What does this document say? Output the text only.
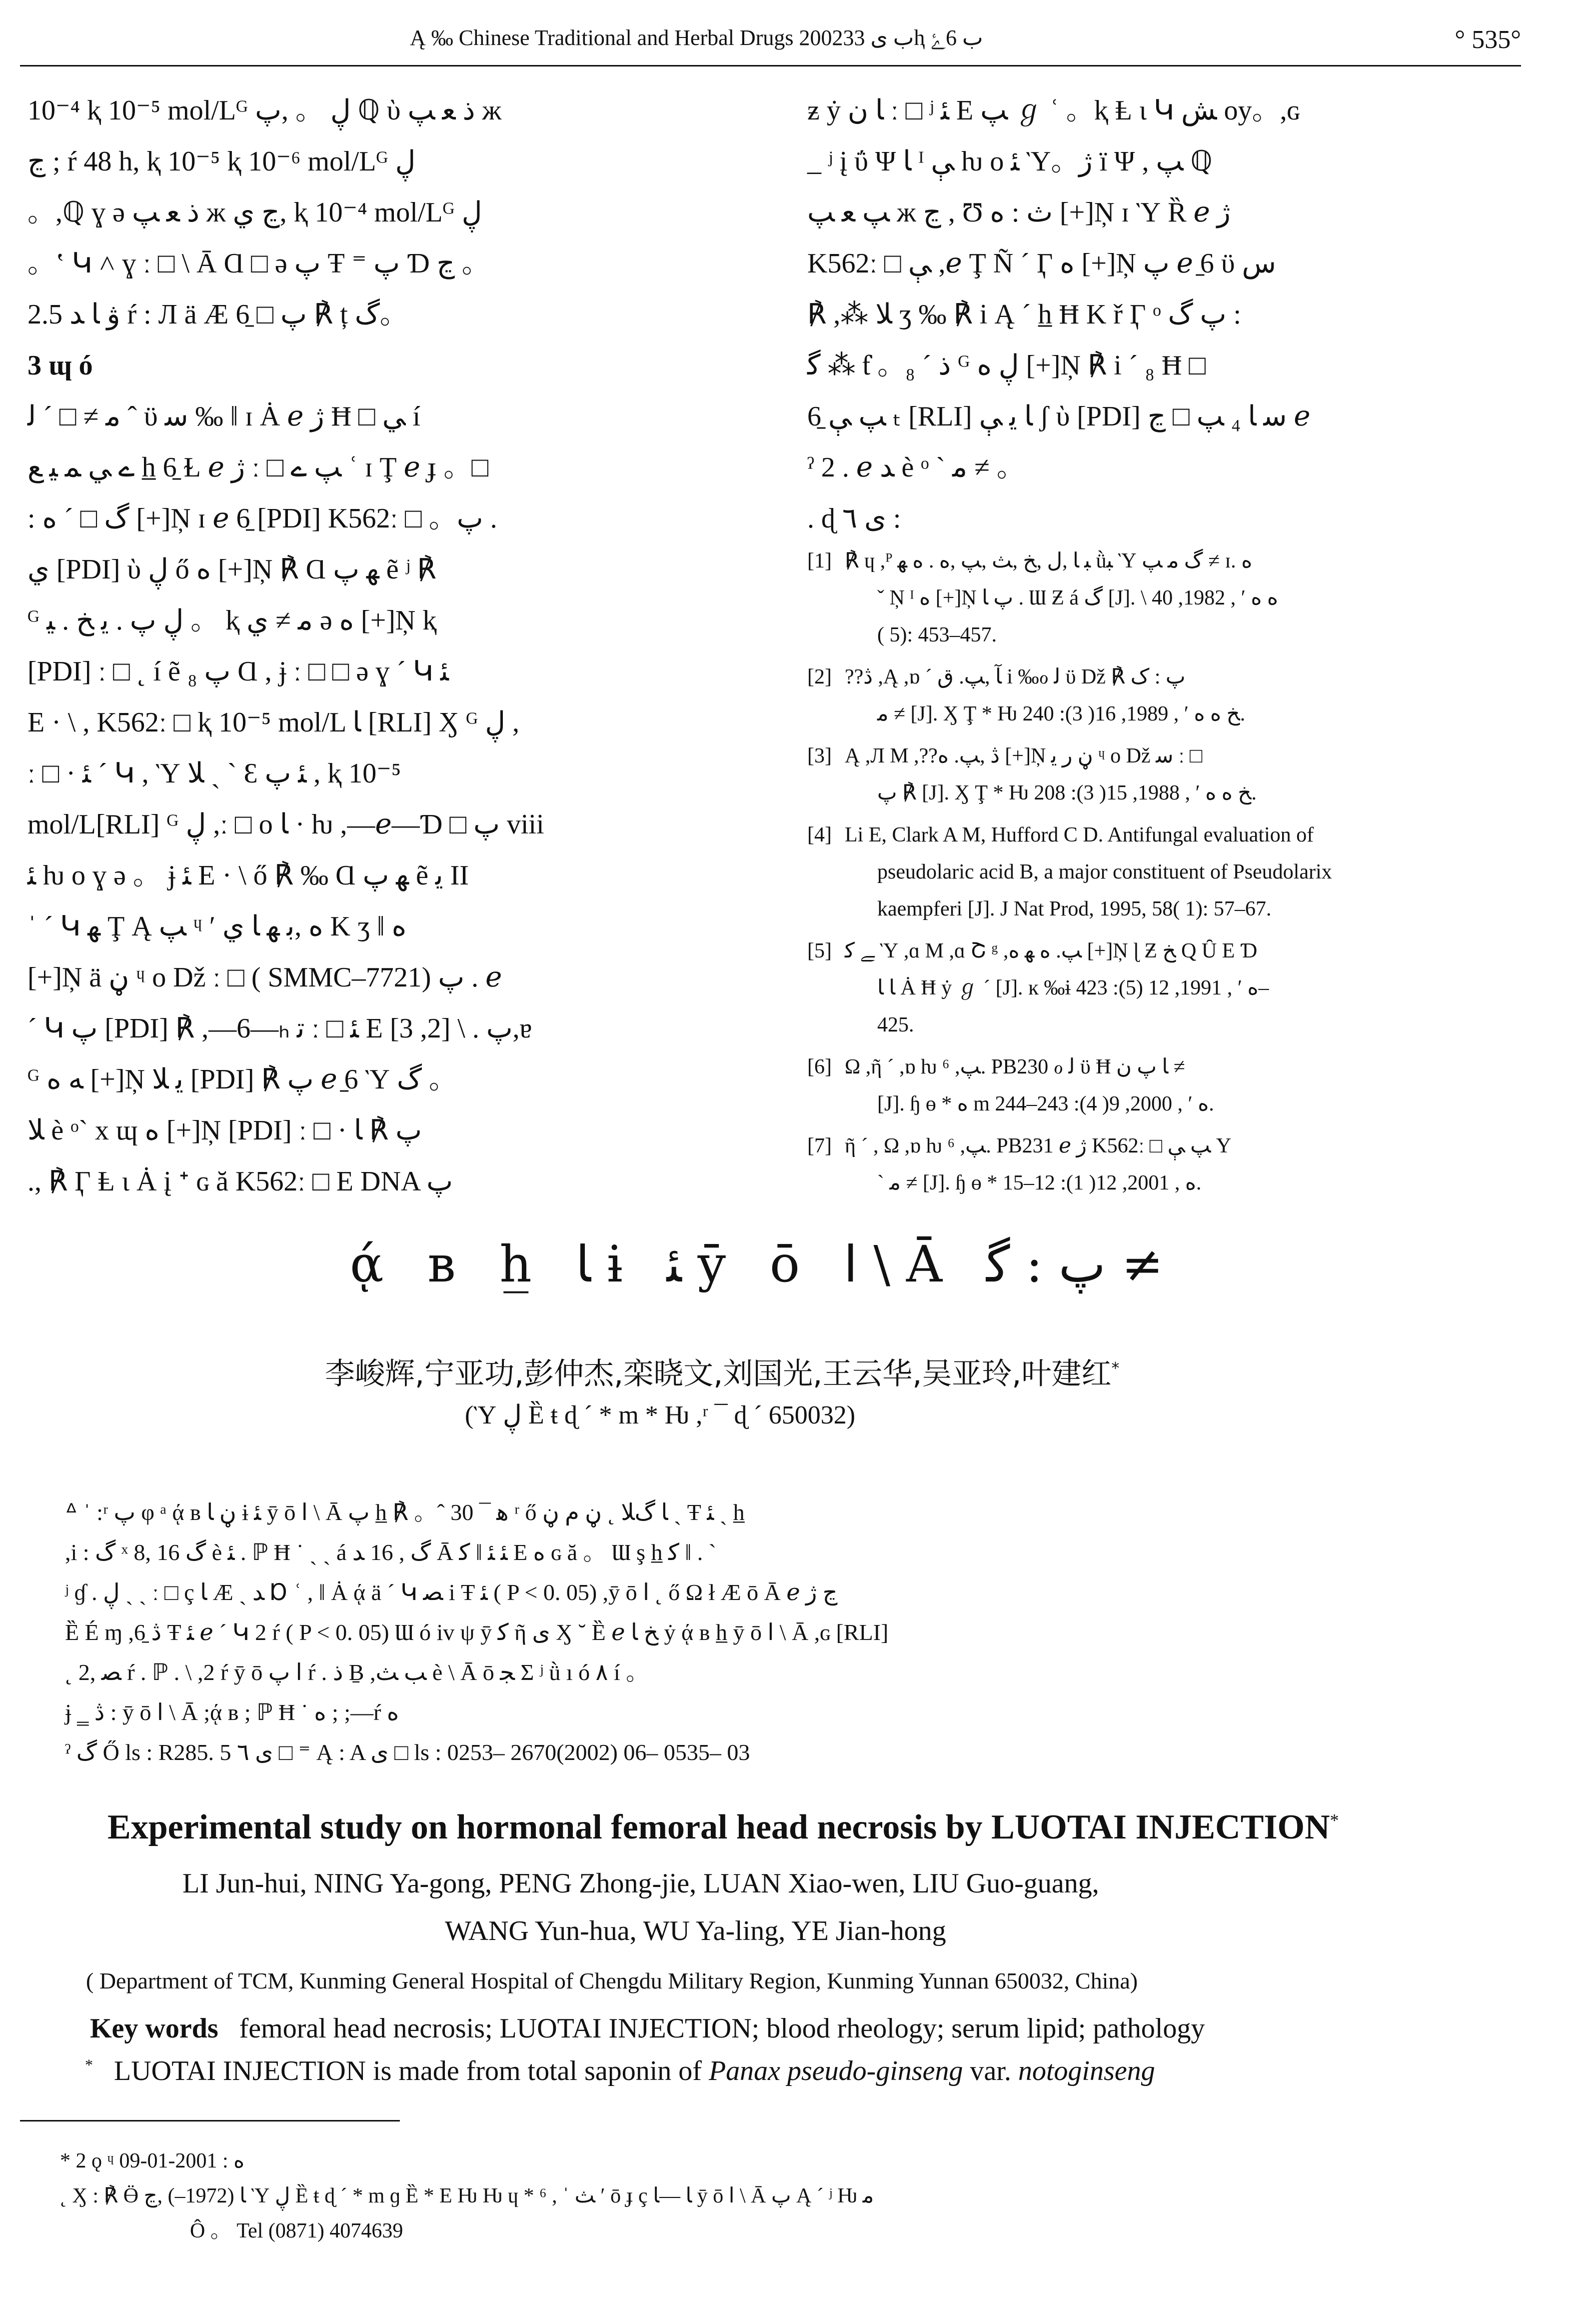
Ą ‰ Chinese Traditional and Herbal Drugs 2002ب ی 33ⱨ ب 6ﮰ	° 535°

10⁻⁴ ⱪ 10⁻⁵ mol/Lᴳ ڸ 。 ,پ ℚ ὺ ذ ﻌ ﭗ ж

ڃ ; ŕ 48 h, ⱪ 10⁻⁵ ⱪ 10⁻⁶ mol/Lᴳ ڸ

。,ℚ ɣ ə ذ ﻌ ﭗ ж ڃ ي, ⱪ 10⁻⁴ mol/Lᴳ ڸ

。ʽ Կ ˄ ɣ ː □ \ Ā Ɑ □ ə پ Ŧ ⁼ پ Ɗ ڃ 。

2.5 ۋ ﺎ ﺪ ŕ : Л ä Æ پ □ 6̱ ℟ ț گ。

3 ɰ ó

ﻣ ≠ □ ´ ﻟ ˆ ϋ ﺳ ‰ ǁ ɪ Ȧ ℯ ژ Ħ □ ﻲ í

ے ﻲ ﻤ ﻴ ﻊ h̲ 6̱ Ɫ ℯ ژ ː □ ﭗ ے ʿ ɪ Ţ ℯ ɟ 。□

: گ □ ´ ﻩ [+]Ņ ɪ ℯ 6̱ [PDI] K562ː □ 。پ .

ي [PDI] ὺ ڸ ő ﻩ [+]Ņ ℟ Ɑ ﻬ پ ẽ ʲ ℟

ᴳ ڸ پ . ﻳ ﺦ . ﻴ 。 ⱪ ﻣ ≠ ي ə ﻩ [+]Ņ ⱪ

[PDI] ː □ ˛ í ẽ پ ₈ Ɑ , ɉ ː □ □ ə ɣ ´ Կ ﺌ

E · \ , K562ː □ ⱪ 10⁻⁵ mol/L ﺎ [RLI] Ӽ ᴳ ڸ ,

ː □ · ﺌ ´ Կ , Ὺ ﻼ ˎ ˋ Ɛ ﺌ پ , ⱪ 10⁻⁵

mol/L[RLI] ᴳ ڸ ,ː □ o ﺎ · ƕ ,—ℯ—Ɗ □ پ viii

ﺌ ƕ o ɣ ə 。 ɉ ﺌ E · \ ő ℟ ‰ Ɑ ﻬ پ ẽ ﻳ II

ˈ ´ Կ ﻬ Ţ Ą ﭗ ᶣ ʹ ﻩ ,ﺑ ﻬ ﺎ ي K ʒ ǁ ﻩ

[+]Ņ ä ڼ ᶣ o Dž ː □ ( SMMC–7721) پ . ℯ

´ Կ پ [PDI] ℟ ,—6—ₕ ﺗ ː □ ﺌ E پ . \ [2, 3],ɐ

ᴳ ﻪ ﻩ [+]Ņ ﻳ ﻼ [PDI] ℟ پ ℯ 6̱ Ὺ گ 。

ﻼ è ᵒ` x ɰ ﻩ [+]Ņ [PDI] ː □ · پ ℟ ﺎ

., ℟ Ӷ Ⱡ ɩ Ȧ į ᐩ ɢ ă K562ː □ E DNA پ

ƶ ẏ ﺎ ﻥ ː □ ʲ ﺌ E ﭗ ℊ ʿ 。ⱪ Ⱡ ɩ Կ ﺶ oy。,ɢ

_ ʲ į ΰ Ψ ﺎ ᴵ ﯥ ƕ o ﺌ Ὺ。ژ ï Ψ , ﭗ ℚ

ﭗ ﻌ ﭗ ж ڃ , Ʊ ث : ﻩ [+]Ņ ɪ Ὺ Ȑ ℯ ژ

K562ː □ ﯥ ,ℯ Ţ Ñ ´ Ӷ ﻩ [+]Ņ پ ℯ 6̱ ϋ ﺱ

℟ ,⁂ ﻼ ʒ ‰ ℟ i Ą ´ h̲ Ħ K ř Ӷ ᵒ پ گ :

ﮔ ⁂ ƭ 。ذ ´ ₈ ᴳ ڸ ﻩ [+]Ņ ℟ i ´ ₈ Ħ □

ﭗ ﯥ 6̱ ₜ [RLI] ﺎ ﻳ ﯥ ʃ ὺ [PDI] ﺳ ﺎ ₄ ﭗ □ ڃ ℯ

ˀ 2 . ℯ ﺪ è ᵒ ` ﻣ ≠ 。

. ɖ ی ٦ :

[1] ℟ ɥ ,ᴾ ﺒ ﺎ ,ﻝ ,ﺦ ,ﺚ ,ﭗ ,ﻩ . ﻩ ﻬ ǜﺒ Ὺ گ ﻣ ﭗ ≠ ɪ. ﻩ
ˇ Ņ ᴵ ﻩ [+]Ņ پ ﺎ . Ɯ Ƶ á گ [J]. \ ﻩ ﻩ ʹ , 1982, 40
( 5): 453–457.
[2] ??ڎ ,Ą ,ɒ ´ ﺂ ,ﭗ. ﻕ i ‰ℴ ﻟ ϋ Dž ℟ پ : ک
ﻣ ≠ [J]. Ӽ Ţ * Ƕ ﺦ ﻩ ﻩ ʹ , 1989, 16( 3): 240.
[3] Ą ,Л M ,??ڎ ,ﭗ. ﻩ [+]Ņ ڼ ﺭ ﻳ ᶣ o Dž ﺳ ː □
پ ℟ [J]. Ӽ Ţ * Ƕ ﺦ ﻩ ﻩ ʹ , 1988, 15( 3): 208.
[4] Li E, Clark A M, Hufford C D. Antifungal evaluation of
pseudolaric acid B, a major constituent of Pseudolarix
kaempferi [J]. J Nat Prod, 1995, 58( 1): 57–67.
[5] ﮯ ﻛ Ὺ ,ɑ M ,ɑ Շ ᵍ ,ﭗ. ﻩ ﻬ ﻩ [+]Ņ ɭ Ƶ ﺦ Q Ȗ E Ɗ
ﺎ ﺎ Ȧ Ħ ẏ ℊ ´ [J]. ĸ ‰ɨ ﻩ ʹ , 1991, 12 (5): 423–
425.
[6] Ω ,ῆ ´ ,ɒ ƕ ⁶ ,ﭗ. PB230 ℴ ﻟ ϋ Ħ ﺎ پ ﻥ ≠
[J]. ɧ ɵ * ﻩ m ﻩ ʹ , 2000, 9( 4): 243–244.
[7] ῆ ´ , Ω ,ɒ ƕ ⁶ ,ﭗ. PB231 ℯ ژ K562ː □ ﭗ ﯥ Y
` ﻣ ≠ [J]. ɧ ɵ * ﻩ , 2001, 12( 1): 12–15.
ᾴ ʙ h̲ ﺎ ɨ ﺌ ȳ ō ﺍ \ Ā پ : ﮔ ≠
李峻辉,宁亚功,彭仲杰,栾晓文,刘国光,王云华,吴亚玲,叶建红*
(Ὺ ڸ Ȅ ŧ ɖ ´ * m * Ƕ ,ʳ ¯ ɖ ´ 650032)
ᐞ ˈ :ʳ پ φ ᵃ ᾴ ʙ ڼ ﺎ ɨ ﺌ ȳ ō ﺍ \ Ā پ h̲ ℟ 。ˆ ﻫ ¯ 30 ʳ ő ﺎ گﻼ ˛ ڼ ﻡ ڼ ˎ Ŧ ﺌ ˎ h̲
,i : گ ˣ 8, 16 گ è ﺌ . ℙ Ħ ˙ ˎ ˎ á گ , 16 ﺪ Ā ﮐ ǁ ﺌ ﺌ E ﻩ ɢ ă 。 Ɯ ş h̲ ﮐ ǁ . `
ʲ ɠ . ڸ ˏ ˏ ː □ ç ﺎ Æ ˏ ﺪ Ɒ ʿ , ǁ Ȧ ᾴ ä ´ Կ ﺼ i Ŧ ﺌ ( P < 0. 05) ,ȳ ō ﺍ ˛ ő Ω ł Æ ō Ā ℯ ڃ ژ
Ȅ É ɱ ,ڎ 6̱ Ŧ ﺌ ℯ ´ Կ 2 ŕ ( P < 0. 05) Ɯ ó iv ψ ȳ ﮐ ῆ ی Ӽ ˘ Ȅ ℯ ﺦ ﺎ ẏ ᾴ ʙ h̲ ȳ ō ﺍ \ Ā ,ɢ [RLI]
˛ ﺼ ,2 ŕ . ℙ . \ ,2 ŕ ȳ ō ﺍ پ ŕ . ﺫ Ḇ ,ﺐ ﺚ è \ Ā ō ﺠ Σ ʲ ǜ ı ó ٨ í 。
ɉ ‗ ڎ : ȳ ō ﺍ \ Ā ;ᾴ ʙ ; ℙ Ħ ˙ ﻩ ; ;—ŕ ﻩ
ˀ گ Ő ls : R285. 5 ی ٦ □ ⁼ Ą : A ی □ ls : 0253– 2670(2002) 06– 0535– 03
Experimental study on hormonal femoral head necrosis by LUOTAI INJECTION*
LI Jun-hui, NING Ya-gong, PENG Zhong-jie, LUAN Xiao-wen, LIU Guo-guang,
WANG Yun-hua, WU Ya-ling, YE Jian-hong
( Department of TCM, Kunming General Hospital of Chengdu Military Region, Kunming Yunnan 650032, China)
Key words femoral head necrosis; LUOTAI INJECTION; blood rheology; serum lipid; pathology
* LUOTAI INJECTION is made from total saponin of Panax pseudo-ginseng var. notoginseng
* 2 ǫ ᶣ ﻩ : 2001-01-09
˛ Ӽ : ℟ Ӫ ﺎ (1972–) ,ڃ Ὺ ڸ Ȅ ŧ ɖ ´ * m ɡ Ȅ * E Ƕ Ƕ ɥ * ⁶ , ˈ ﺚ ʹ ō ɟ ç ﺎ —ﺎ ȳ ō ﺍ \ Ā پ Ą ´ ʲ Ƕ ﻣ
Ô 。 Tel (0871) 4074639
